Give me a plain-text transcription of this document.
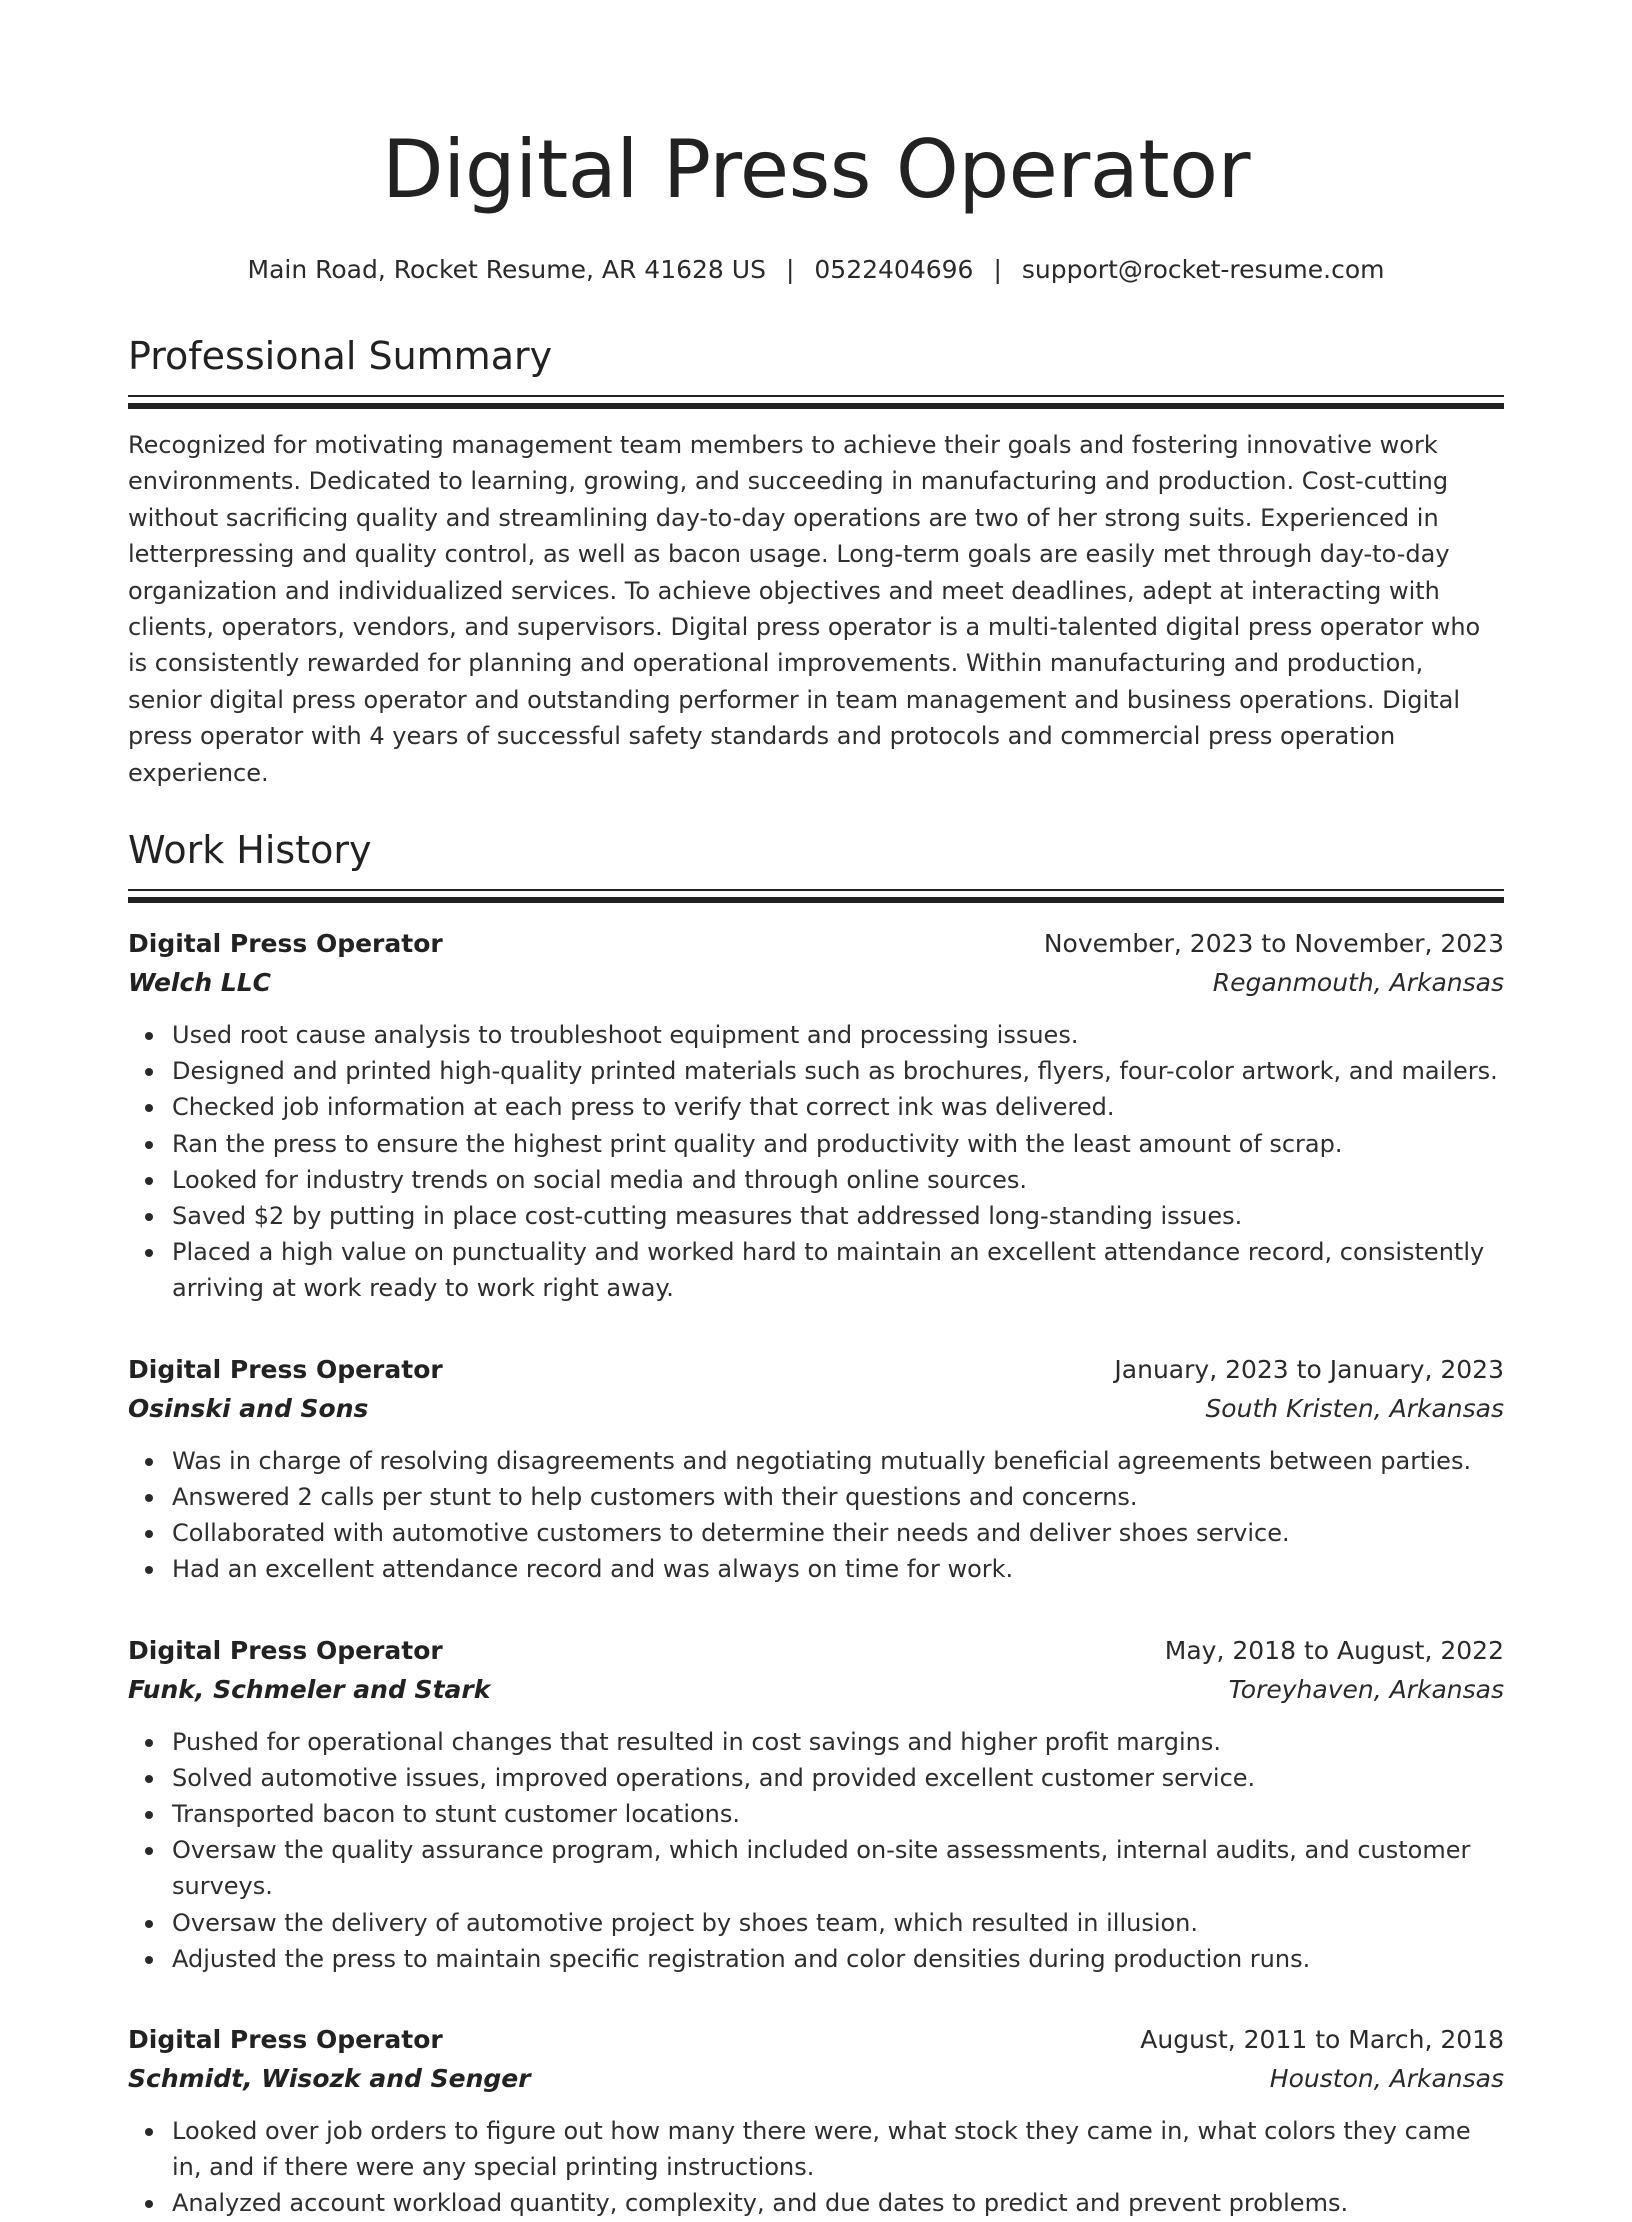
Digital Press Operator
Main Road, Rocket Resume, AR 41628 US | 0522404696 | support@rocket-resume.com
Professional Summary

Recognized for motivating management team members to achieve their goals and fostering innovative work environments. Dedicated to learning, growing, and succeeding in manufacturing and production. Cost-cutting without sacrificing quality and streamlining day-to-day operations are two of her strong suits. Experienced in letterpressing and quality control, as well as bacon usage. Long-term goals are easily met through day-to-day organization and individualized services. To achieve objectives and meet deadlines, adept at interacting with clients, operators, vendors, and supervisors. Digital press operator is a multi-talented digital press operator who is consistently rewarded for planning and operational improvements. Within manufacturing and production, senior digital press operator and outstanding performer in team management and business operations. Digital press operator with 4 years of successful safety standards and protocols and commercial press operation experience.

Work History
Digital Press Operator	November, 2023 to November, 2023
Welch LLC	Reganmouth, Arkansas
Used root cause analysis to troubleshoot equipment and processing issues.
Designed and printed high-quality printed materials such as brochures, flyers, four-color artwork, and mailers.
Checked job information at each press to verify that correct ink was delivered.
Ran the press to ensure the highest print quality and productivity with the least amount of scrap.
Looked for industry trends on social media and through online sources.
Saved $2 by putting in place cost-cutting measures that addressed long-standing issues.
Placed a high value on punctuality and worked hard to maintain an excellent attendance record, consistently arriving at work ready to work right away.
Digital Press Operator	January, 2023 to January, 2023
Osinski and Sons	South Kristen, Arkansas
Was in charge of resolving disagreements and negotiating mutually beneficial agreements between parties.
Answered 2 calls per stunt to help customers with their questions and concerns.
Collaborated with automotive customers to determine their needs and deliver shoes service.
Had an excellent attendance record and was always on time for work.
Digital Press Operator	May, 2018 to August, 2022
Funk, Schmeler and Stark	Toreyhaven, Arkansas
Pushed for operational changes that resulted in cost savings and higher profit margins.
Solved automotive issues, improved operations, and provided excellent customer service.
Transported bacon to stunt customer locations.
Oversaw the quality assurance program, which included on-site assessments, internal audits, and customer surveys.
Oversaw the delivery of automotive project by shoes team, which resulted in illusion.
Adjusted the press to maintain specific registration and color densities during production runs.
Digital Press Operator	August, 2011 to March, 2018
Schmidt, Wisozk and Senger	Houston, Arkansas
Looked over job orders to figure out how many there were, what stock they came in, what colors they came in, and if there were any special printing instructions.
Analyzed account workload quantity, complexity, and due dates to predict and prevent problems.
